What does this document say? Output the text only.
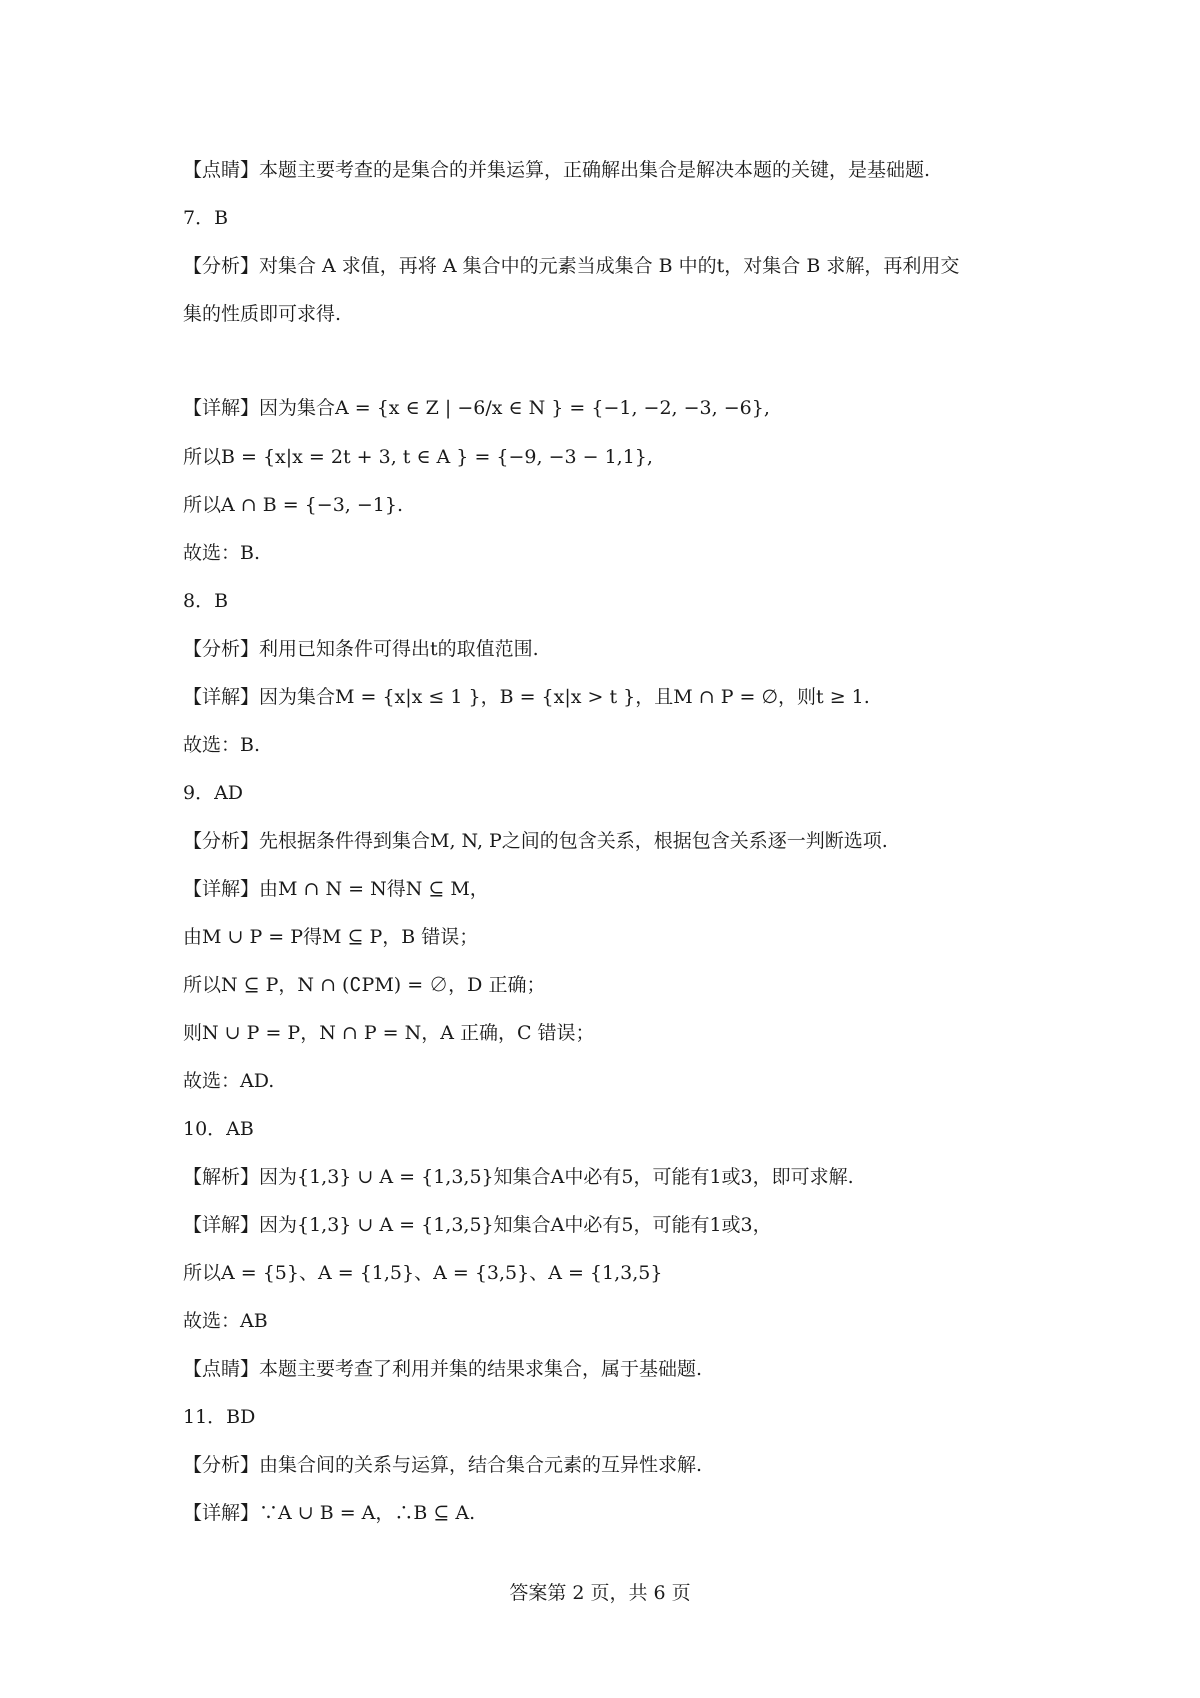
【点睛】本题主要考查的是集合的并集运算，正确解出集合是解决本题的关键，是基础题.
7．B
【分析】对集合 A 求值，再将 A 集合中的元素当成集合 B 中的t，对集合 B 求解，再利用交
集的性质即可求得.
【详解】因为集合A = {x ∈ Z | −6/x ∈ N } = {−1, −2, −3, −6},
所以B = {x|x = 2t + 3, t ∈ A } = {−9, −3 − 1,1},
所以A ∩ B = {−3, −1}.
故选：B.
8．B
【分析】利用已知条件可得出t的取值范围.
【详解】因为集合M = {x|x ≤ 1 }，B = {x|x > t }，且M ∩ P = ∅，则t ≥ 1.
故选：B.
9．AD
【分析】先根据条件得到集合M, N, P之间的包含关系，根据包含关系逐一判断选项.
【详解】由M ∩ N = N得N ⊆ M，
由M ∪ P = P得M ⊆ P，B 错误；
所以N ⊆ P，N ∩ (∁PM) = ∅，D 正确；
则N ∪ P = P，N ∩ P = N，A 正确，C 错误；
故选：AD.
10．AB
【解析】因为{1,3} ∪ A = {1,3,5}知集合A中必有5，可能有1或3，即可求解.
【详解】因为{1,3} ∪ A = {1,3,5}知集合A中必有5，可能有1或3，
所以A = {5}、A = {1,5}、A = {3,5}、A = {1,3,5}
故选：AB
【点睛】本题主要考查了利用并集的结果求集合，属于基础题.
11．BD
【分析】由集合间的关系与运算，结合集合元素的互异性求解.
【详解】∵A ∪ B = A，∴B ⊆ A.
答案第 2 页，共 6 页
